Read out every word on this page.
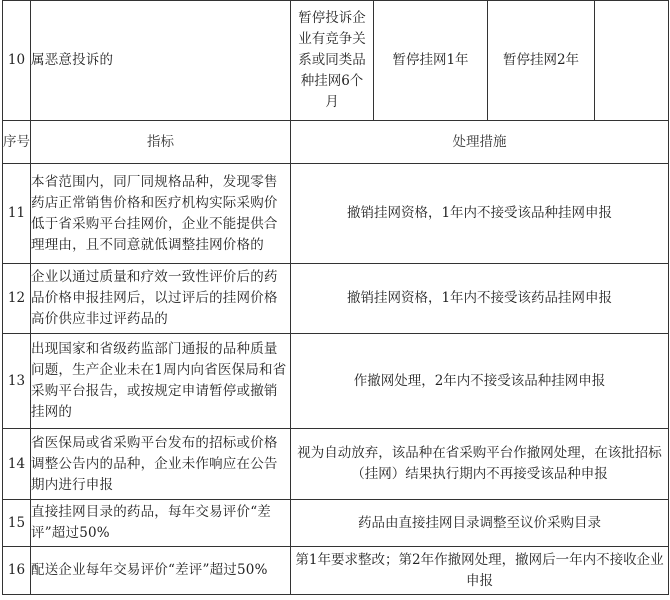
10	属恶意投诉的	暂停投诉企业有竞争关系或同类品种挂网6个月	暂停挂网1年	暂停挂网2年	
序号	指标	处理措施			
11	本省范围内，同厂同规格品种，发现零售药店正常销售价格和医疗机构实际采购价低于省采购平台挂网价，企业不能提供合理理由，且不同意就低调整挂网价格的	撤销挂网资格，1年内不接受该品种挂网申报			
12	企业以通过质量和疗效一致性评价后的药品价格申报挂网后，以过评后的挂网价格高价供应非过评药品的	撤销挂网资格，1年内不接受该药品挂网申报			
13	出现国家和省级药监部门通报的品种质量问题，生产企业未在1周内向省医保局和省采购平台报告，或按规定申请暂停或撤销挂网的	作撤网处理，2年内不接受该品种挂网申报			
14	省医保局或省采购平台发布的招标或价格调整公告内的品种，企业未作响应在公告期内进行申报	视为自动放弃，该品种在省采购平台作撤网处理，在该批招标（挂网）结果执行期内不再接受该品种申报			
15	直接挂网目录的药品，每年交易评价“差评”超过50%	药品由直接挂网目录调整至议价采购目录			
16	配送企业每年交易评价“差评”超过50%	第1年要求整改；第2年作撤网处理，撤网后一年内不接收企业申报			
